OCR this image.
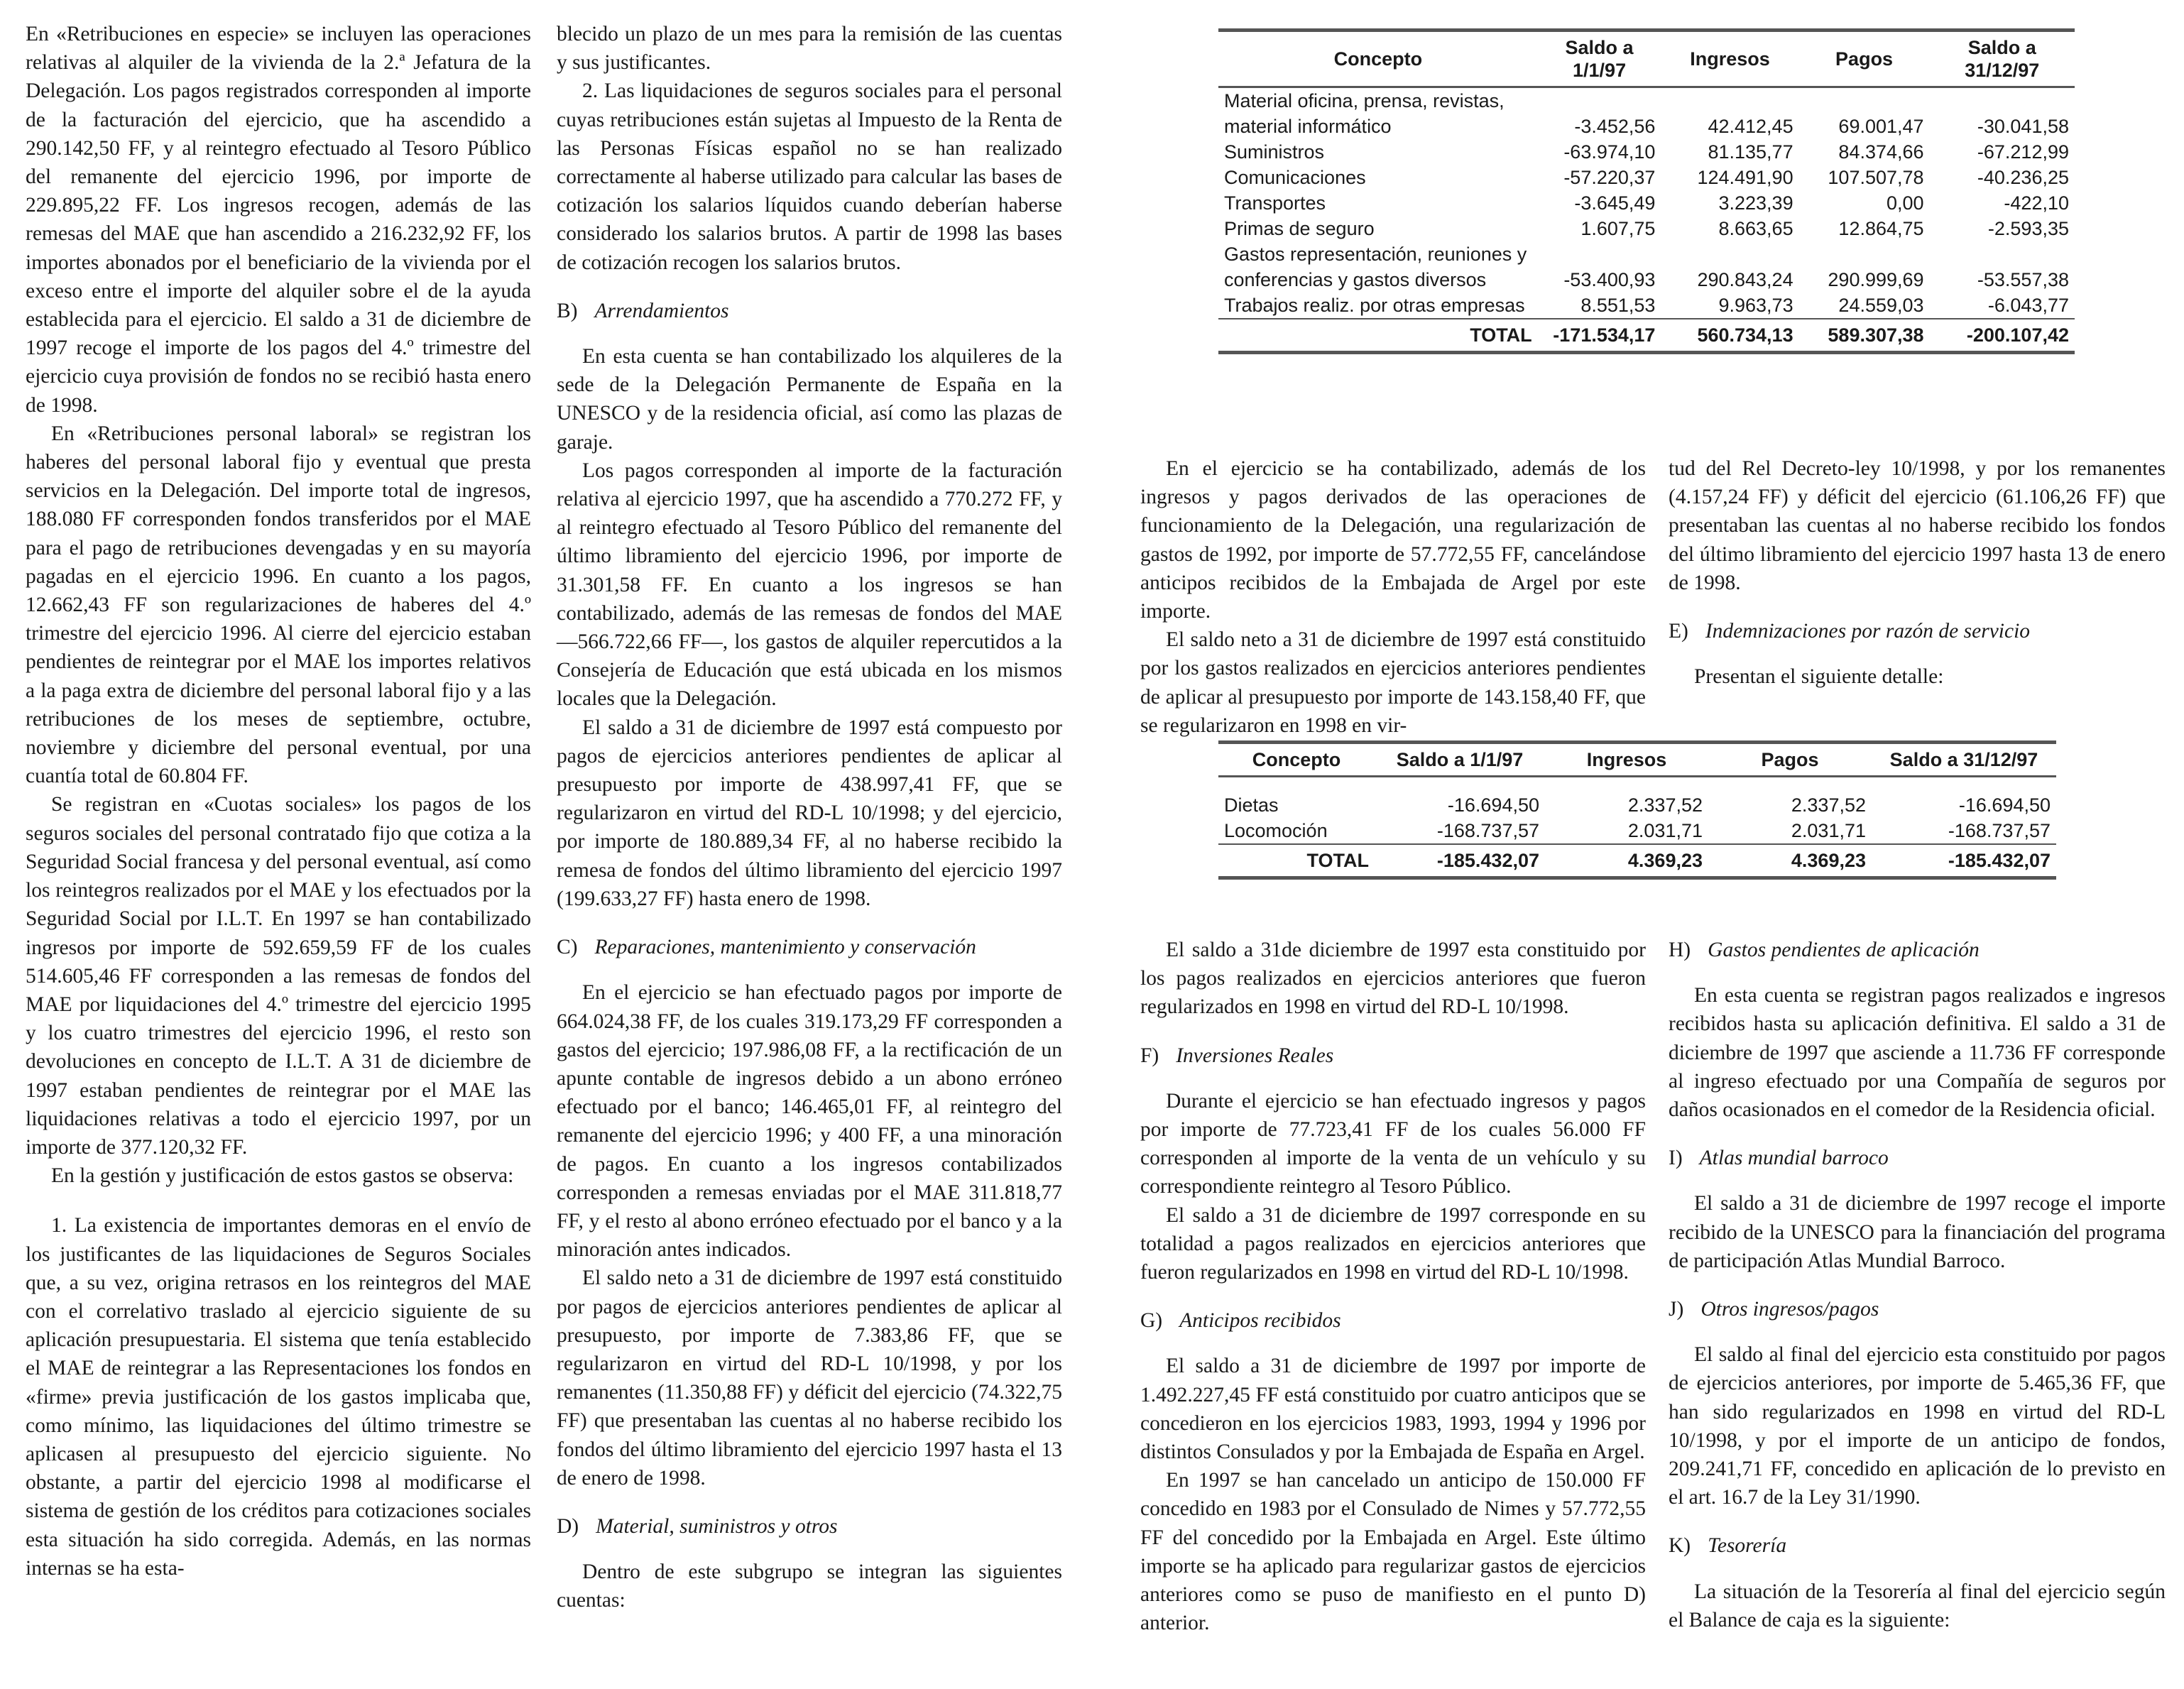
En «Retribuciones en especie» se incluyen las operaciones relativas al alquiler de la vivienda de la 2.ª Jefatura de la Delegación. Los pagos registrados corresponden al importe de la facturación del ejercicio, que ha ascendido a 290.142,50 FF, y al reintegro efectuado al Tesoro Público del remanente del ejercicio 1996, por importe de 229.895,22 FF. Los ingresos recogen, además de las remesas del MAE que han ascendido a 216.232,92 FF, los importes abonados por el beneficiario de la vivienda por el exceso entre el importe del alquiler sobre el de la ayuda establecida para el ejercicio. El saldo a 31 de diciembre de 1997 recoge el importe de los pagos del 4.º trimestre del ejercicio cuya provisión de fondos no se recibió hasta enero de 1998.

En «Retribuciones personal laboral» se registran los haberes del personal laboral fijo y eventual que presta servicios en la Delegación. Del importe total de ingresos, 188.080 FF corresponden fondos transferidos por el MAE para el pago de retribuciones devengadas y en su mayoría pagadas en el ejercicio 1996. En cuanto a los pagos, 12.662,43 FF son regularizaciones de haberes del 4.º trimestre del ejercicio 1996. Al cierre del ejercicio estaban pendientes de reintegrar por el MAE los importes relativos a la paga extra de diciembre del personal laboral fijo y a las retribuciones de los meses de septiembre, octubre, noviembre y diciembre del personal eventual, por una cuantía total de 60.804 FF.

Se registran en «Cuotas sociales» los pagos de los seguros sociales del personal contratado fijo que cotiza a la Seguridad Social francesa y del personal eventual, así como los reintegros realizados por el MAE y los efectuados por la Seguridad Social por I.L.T. En 1997 se han contabilizado ingresos por importe de 592.659,59 FF de los cuales 514.605,46 FF corresponden a las remesas de fondos del MAE por liquidaciones del 4.º trimestre del ejercicio 1995 y los cuatro trimestres del ejercicio 1996, el resto son devoluciones en concepto de I.L.T. A 31 de diciembre de 1997 estaban pendientes de reintegrar por el MAE las liquidaciones relativas a todo el ejercicio 1997, por un importe de 377.120,32 FF.

En la gestión y justificación de estos gastos se observa:

1. La existencia de importantes demoras en el envío de los justificantes de las liquidaciones de Seguros Sociales que, a su vez, origina retrasos en los reintegros del MAE con el correlativo traslado al ejercicio siguiente de su aplicación presupuestaria. El sistema que tenía establecido el MAE de reintegrar a las Representaciones los fondos en «firme» previa justificación de los gastos implicaba que, como mínimo, las liquidaciones del último trimestre se aplicasen al presupuesto del ejercicio siguiente. No obstante, a partir del ejercicio 1998 al modificarse el sistema de gestión de los créditos para cotizaciones sociales esta situación ha sido corregida. Además, en las normas internas se ha esta-

blecido un plazo de un mes para la remisión de las cuentas y sus justificantes.

2. Las liquidaciones de seguros sociales para el personal cuyas retribuciones están sujetas al Impuesto de la Renta de las Personas Físicas español no se han realizado correctamente al haberse utilizado para calcular las bases de cotización los salarios líquidos cuando deberían haberse considerado los salarios brutos. A partir de 1998 las bases de cotización recogen los salarios brutos.

B) Arrendamientos

En esta cuenta se han contabilizado los alquileres de la sede de la Delegación Permanente de España en la UNESCO y de la residencia oficial, así como las plazas de garaje.

Los pagos corresponden al importe de la facturación relativa al ejercicio 1997, que ha ascendido a 770.272 FF, y al reintegro efectuado al Tesoro Público del remanente del último libramiento del ejercicio 1996, por importe de 31.301,58 FF. En cuanto a los ingresos se han contabilizado, además de las remesas de fondos del MAE —566.722,66 FF—, los gastos de alquiler repercutidos a la Consejería de Educación que está ubicada en los mismos locales que la Delegación.

El saldo a 31 de diciembre de 1997 está compuesto por pagos de ejercicios anteriores pendientes de aplicar al presupuesto por importe de 438.997,41 FF, que se regularizaron en virtud del RD-L 10/1998; y del ejercicio, por importe de 180.889,34 FF, al no haberse recibido la remesa de fondos del último libramiento del ejercicio 1997 (199.633,27 FF) hasta enero de 1998.

C) Reparaciones, mantenimiento y conservación

En el ejercicio se han efectuado pagos por importe de 664.024,38 FF, de los cuales 319.173,29 FF corresponden a gastos del ejercicio; 197.986,08 FF, a la rectificación de un apunte contable de ingresos debido a un abono erróneo efectuado por el banco; 146.465,01 FF, al reintegro del remanente del ejercicio 1996; y 400 FF, a una minoración de pagos. En cuanto a los ingresos contabilizados corresponden a remesas enviadas por el MAE 311.818,77 FF, y el resto al abono erróneo efectuado por el banco y a la minoración antes indicados.

El saldo neto a 31 de diciembre de 1997 está constituido por pagos de ejercicios anteriores pendientes de aplicar al presupuesto, por importe de 7.383,86 FF, que se regularizaron en virtud del RD-L 10/1998, y por los remanentes (11.350,88 FF) y déficit del ejercicio (74.322,75 FF) que presentaban las cuentas al no haberse recibido los fondos del último libramiento del ejercicio 1997 hasta el 13 de enero de 1998.

D) Material, suministros y otros

Dentro de este subgrupo se integran las siguientes cuentas:

Concepto	Saldo a 1/1/97	Ingresos	Pagos	Saldo a 31/12/97
Material oficina, prensa, revistas, material informático	-3.452,56	42.412,45	69.001,47	-30.041,58
Suministros	-63.974,10	81.135,77	84.374,66	-67.212,99
Comunicaciones	-57.220,37	124.491,90	107.507,78	-40.236,25
Transportes	-3.645,49	3.223,39	0,00	-422,10
Primas de seguro	1.607,75	8.663,65	12.864,75	-2.593,35
Gastos representación, reuniones y conferencias y gastos diversos	-53.400,93	290.843,24	290.999,69	-53.557,38
Trabajos realiz. por otras empresas	8.551,53	9.963,73	24.559,03	-6.043,77
TOTAL	-171.534,17	560.734,13	589.307,38	-200.107,42

En el ejercicio se ha contabilizado, además de los ingresos y pagos derivados de las operaciones de funcionamiento de la Delegación, una regularización de gastos de 1992, por importe de 57.772,55 FF, cancelándose anticipos recibidos de la Embajada de Argel por este importe.

El saldo neto a 31 de diciembre de 1997 está constituido por los gastos realizados en ejercicios anteriores pendientes de aplicar al presupuesto por importe de 143.158,40 FF, que se regularizaron en 1998 en vir-

El saldo a 31de diciembre de 1997 esta constituido por los pagos realizados en ejercicios anteriores que fueron regularizados en 1998 en virtud del RD-L 10/1998.

F) Inversiones Reales

Durante el ejercicio se han efectuado ingresos y pagos por importe de 77.723,41 FF de los cuales 56.000 FF corresponden al importe de la venta de un vehículo y su correspondiente reintegro al Tesoro Público.

El saldo a 31 de diciembre de 1997 corresponde en su totalidad a pagos realizados en ejercicios anteriores que fueron regularizados en 1998 en virtud del RD-L 10/1998.

G) Anticipos recibidos

El saldo a 31 de diciembre de 1997 por importe de 1.492.227,45 FF está constituido por cuatro anticipos que se concedieron en los ejercicios 1983, 1993, 1994 y 1996 por distintos Consulados y por la Embajada de España en Argel.

En 1997 se han cancelado un anticipo de 150.000 FF concedido en 1983 por el Consulado de Nimes y 57.772,55 FF del concedido por la Embajada en Argel. Este último importe se ha aplicado para regularizar gastos de ejercicios anteriores como se puso de manifiesto en el punto D) anterior.

tud del Rel Decreto-ley 10/1998, y por los remanentes (4.157,24 FF) y déficit del ejercicio (61.106,26 FF) que presentaban las cuentas al no haberse recibido los fondos del último libramiento del ejercicio 1997 hasta 13 de enero de 1998.

E) Indemnizaciones por razón de servicio

Presentan el siguiente detalle:

Concepto	Saldo a 1/1/97	Ingresos	Pagos	Saldo a 31/12/97

Dietas	-16.694,50	2.337,52	2.337,52	-16.694,50
Locomoción	-168.737,57	2.031,71	2.031,71	-168.737,57
TOTAL	-185.432,07	4.369,23	4.369,23	-185.432,07
H) Gastos pendientes de aplicación

En esta cuenta se registran pagos realizados e ingresos recibidos hasta su aplicación definitiva. El saldo a 31 de diciembre de 1997 que asciende a 11.736 FF corresponde al ingreso efectuado por una Compañía de seguros por daños ocasionados en el comedor de la Residencia oficial.

I) Atlas mundial barroco

El saldo a 31 de diciembre de 1997 recoge el importe recibido de la UNESCO para la financiación del programa de participación Atlas Mundial Barroco.

J) Otros ingresos/pagos

El saldo al final del ejercicio esta constituido por pagos de ejercicios anteriores, por importe de 5.465,36 FF, que han sido regularizados en 1998 en virtud del RD-L 10/1998, y por el importe de un anticipo de fondos, 209.241,71 FF, concedido en aplicación de lo previsto en el art. 16.7 de la Ley 31/1990.

K) Tesorería

La situación de la Tesorería al final del ejercicio según el Balance de caja es la siguiente:
